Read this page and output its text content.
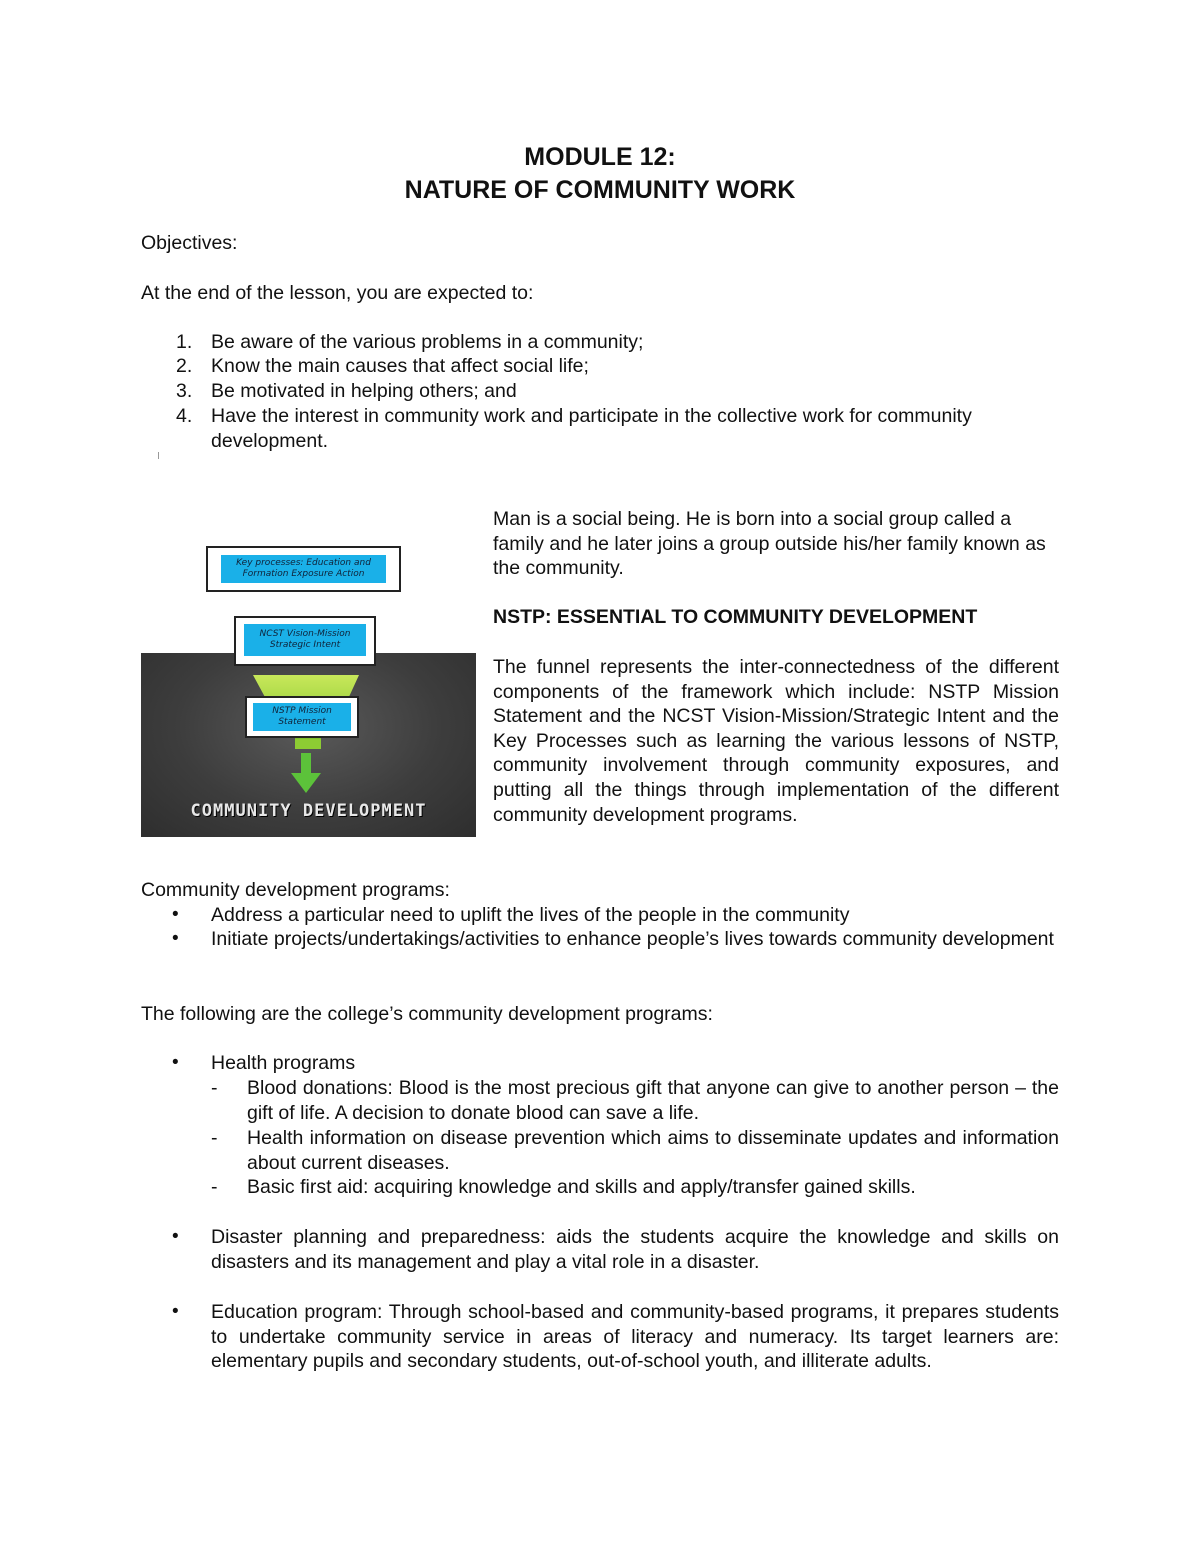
MODULE 12:
NATURE OF COMMUNITY WORK
Objectives:
At the end of the lesson, you are expected to:
1. Be aware of the various problems in a community;
2. Know the main causes that affect social life;
3. Be motivated in helping others; and
4. Have the interest in community work and participate in the collective work for community development.
COMMUNITY DEVELOPMENT
Key processes: Education and Formation Exposure Action
NCST Vision-Mission Strategic Intent
NSTP Mission Statement
Man is a social being. He is born into a social group called a family and he later joins a group outside his/her family known as the community.
NSTP: ESSENTIAL TO COMMUNITY DEVELOPMENT
The funnel represents the inter-connectedness of the different components of the framework which include: NSTP Mission Statement and the NCST Vision-Mission/Strategic Intent and the Key Processes such as learning the various lessons of NSTP, community involvement through community exposures, and putting all the things through implementation of the different community development programs.
Community development programs:
• Address a particular need to uplift the lives of the people in the community
• Initiate projects/undertakings/activities to enhance people’s lives towards community development
The following are the college’s community development programs:
• Health programs
- Blood donations: Blood is the most precious gift that anyone can give to another person – the gift of life. A decision to donate blood can save a life.
- Health information on disease prevention which aims to disseminate updates and information about current diseases.
- Basic first aid: acquiring knowledge and skills and apply/transfer gained skills.
• Disaster planning and preparedness: aids the students acquire the knowledge and skills on disasters and its management and play a vital role in a disaster.
• Education program: Through school-based and community-based programs, it prepares students to undertake community service in areas of literacy and numeracy. Its target learners are: elementary pupils and secondary students, out-of-school youth, and illiterate adults.
